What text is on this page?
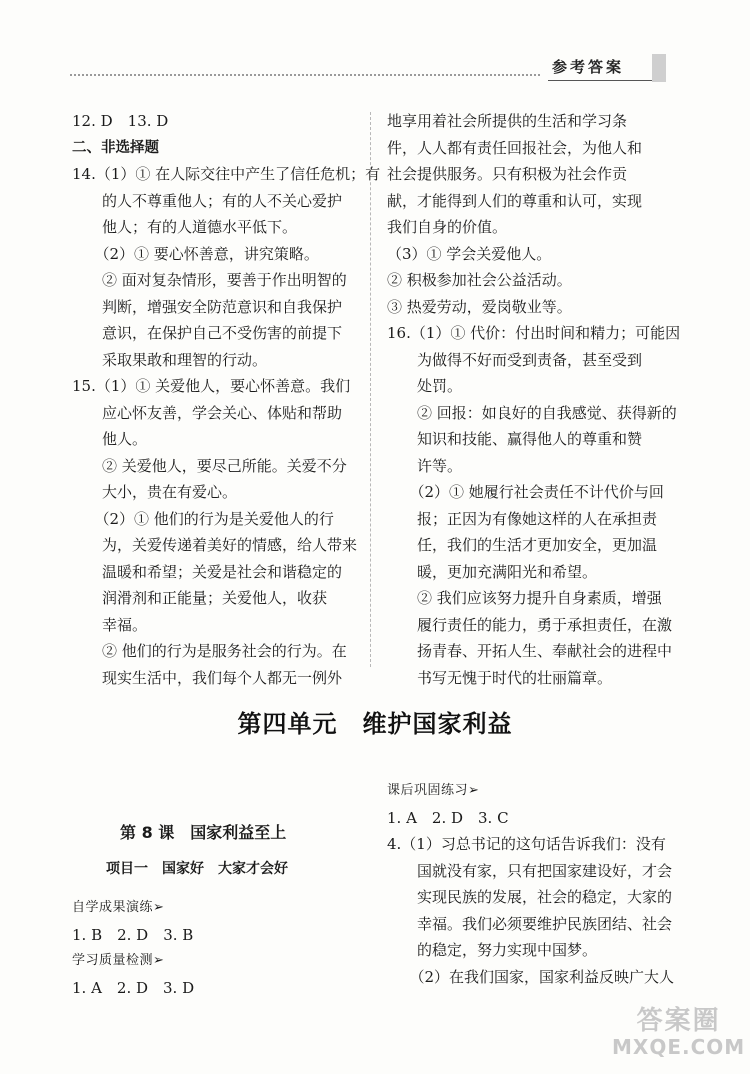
参考答案
12. D　13. D
二、非选择题
14.（1）① 在人际交往中产生了信任危机；有
　　的人不尊重他人；有的人不关心爱护
　　他人；有的人道德水平低下。
　　（2）① 要心怀善意，讲究策略。
　　② 面对复杂情形，要善于作出明智的
　　判断，增强安全防范意识和自我保护
　　意识，在保护自己不受伤害的前提下
　　采取果敢和理智的行动。
15.（1）① 关爱他人，要心怀善意。我们
　　应心怀友善，学会关心、体贴和帮助
　　他人。
　　② 关爱他人，要尽己所能。关爱不分
　　大小，贵在有爱心。
　　（2）① 他们的行为是关爱他人的行
　　为，关爱传递着美好的情感，给人带来
　　温暖和希望；关爱是社会和谐稳定的
　　润滑剂和正能量；关爱他人，收获
　　幸福。
　　② 他们的行为是服务社会的行为。在
　　现实生活中，我们每个人都无一例外
地享用着社会所提供的生活和学习条
件，人人都有责任回报社会，为他人和
社会提供服务。只有积极为社会作贡
献，才能得到人们的尊重和认可，实现
我们自身的价值。
（3）① 学会关爱他人。
② 积极参加社会公益活动。
③ 热爱劳动，爱岗敬业等。
16.（1）① 代价：付出时间和精力；可能因
　　为做得不好而受到责备，甚至受到
　　处罚。
　　② 回报：如良好的自我感觉、获得新的
　　知识和技能、赢得他人的尊重和赞
　　许等。
　　（2）① 她履行社会责任不计代价与回
　　报；正因为有像她这样的人在承担责
　　任，我们的生活才更加安全，更加温
　　暖，更加充满阳光和希望。
　　② 我们应该努力提升自身素质，增强
　　履行责任的能力，勇于承担责任，在激
　　扬青春、开拓人生、奉献社会的进程中
　　书写无愧于时代的壮丽篇章。
第四单元　维护国家利益
第 8 课　国家利益至上
项目一　国家好　大家才会好
自学成果演练➢
1. B　2. D　3. B
学习质量检测➢
1. A　2. D　3. D
课后巩固练习➢
1. A　2. D　3. C
4.（1）习总书记的这句话告诉我们：没有
　　国就没有家，只有把国家建设好，才会
　　实现民族的发展，社会的稳定，大家的
　　幸福。我们必须要维护民族团结、社会
　　的稳定，努力实现中国梦。
　　（2）在我们国家，国家利益反映广大人
答案圈
MXQE.COM
